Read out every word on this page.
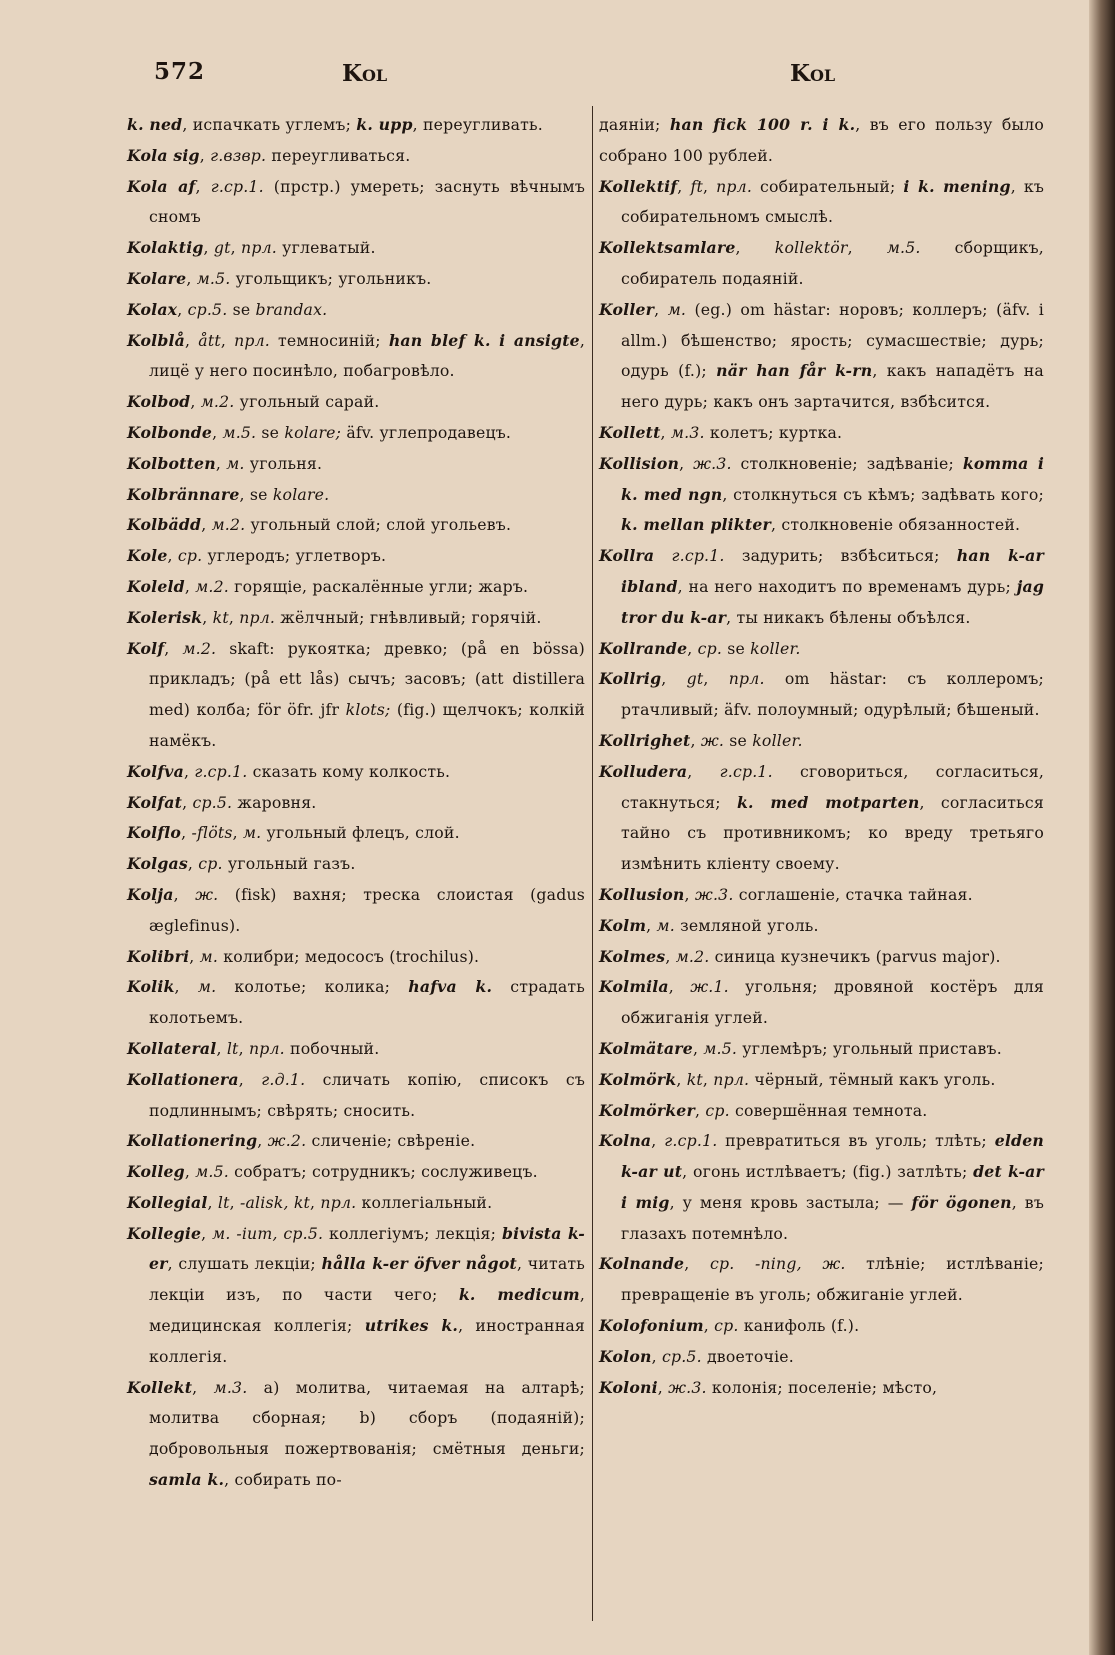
572	Kol	Kol
k. ned, испачкать углемъ; k. upp, переугливать.
Kola sig, г.взвр. переугливаться.
Kola af, г.ср.1. (прстр.) умереть; заснуть вѣчнымъ сномъ
Kolaktig, gt, прл. углеватый.
Kolare, м.5. угольщикъ; угольникъ.
Kolax, ср.5. se brandax.
Kolblå, ått, прл. темносиній; han blef k. i ansigte, лицё у него посинѣло, побагровѣло.
Kolbod, м.2. угольный сарай.
Kolbonde, м.5. se kolare; äfv. углепродавецъ.
Kolbotten, м. угольня.
Kolbrännare, se kolare.
Kolbädd, м.2. угольный слой; слой угольевъ.
Kole, ср. углеродъ; углетворъ.
Koleld, м.2. горящіе, раскалённые угли; жаръ.
Kolerisk, kt, прл. жёлчный; гнѣвливый; горячій.
Kolf, м.2. skaft: рукоятка; древко; (på en bössa) прикладъ; (på ett lås) сычъ; засовъ; (att distillera med) колба; för öfr. jfr klots; (fig.) щелчокъ; колкій намёкъ.
Kolfva, г.ср.1. сказать кому колкость.
Kolfat, ср.5. жаровня.
Kolflo, -flöts, м. угольный флецъ, слой.
Kolgas, ср. угольный газъ.
Kolja, ж. (fisk) вахня; треска слоистая (gadus æglefinus).
Kolibri, м. колибри; медососъ (trochilus).
Kolik, м. колотье; колика; hafva k. страдать колотьемъ.
Kollateral, lt, прл. побочный.
Kollationera, г.д.1. сличать копію, списокъ съ подлиннымъ; свѣрять; сносить.
Kollationering, ж.2. сличеніе; свѣреніе.
Kolleg, м.5. собратъ; сотрудникъ; сослуживецъ.
Kollegial, lt, -alisk, kt, прл. коллегіальный.
Kollegie, м. -ium, ср.5. коллегіумъ; лекція; bivista k-er, слушать лекціи; hålla k-er öfver något, читать лекціи изъ, по части чего; k. medicum, медицинская коллегія; utrikes k., иностранная коллегія.
Kollekt, м.3. a) молитва, читаемая на алтарѣ; молитва сборная; b) сборъ (подаяній); добровольныя пожертвованія; смётныя деньги; samla k., собирать по-
даяніи; han fick 100 r. i k., въ его пользу было собрано 100 рублей.
Kollektif, ft, прл. собирательный; i k. mening, къ собирательномъ смыслѣ.
Kollektsamlare, kollektör, м.5. сборщикъ, собиратель подаяній.
Koller, м. (eg.) om hästar: норовъ; коллеръ; (äfv. i allm.) бѣшенство; ярость; сумасшествіе; дурь; одурь (f.); när han får k-rn, какъ нападётъ на него дурь; какъ онъ зартачится, взбѣсится.
Kollett, м.3. колетъ; куртка.
Kollision, ж.3. столкновеніе; задѣваніе; komma i k. med ngn, столкнуться съ кѣмъ; задѣвать кого; k. mellan plikter, столкновеніе обязанностей.
Kollra г.ср.1. задурить; взбѣситься; han k-ar ibland, на него находитъ по временамъ дурь; jag tror du k-ar, ты никакъ бѣлены объѣлся.
Kollrande, ср. se koller.
Kollrig, gt, прл. om hästar: съ коллеромъ; ртачливый; äfv. полоумный; одурѣлый; бѣшеный.
Kollrighet, ж. se koller.
Kolludera, г.ср.1. сговориться, согласиться, стакнуться; k. med motparten, согласиться тайно съ противникомъ; ко вреду третьяго измѣнить кліенту своему.
Kollusion, ж.3. соглашеніе, стачка тайная.
Kolm, м. земляной уголь.
Kolmes, м.2. синица кузнечикъ (parvus major).
Kolmila, ж.1. угольня; дровяной костёръ для обжиганія углей.
Kolmätare, м.5. углемѣръ; угольный приставъ.
Kolmörk, kt, прл. чёрный, тёмный какъ уголь.
Kolmörker, ср. совершённая темнота.
Kolna, г.ср.1. превратиться въ уголь; тлѣть; elden k-ar ut, огонь истлѣваетъ; (fig.) затлѣть; det k-ar i mig, у меня кровь застыла; — för ögonen, въ глазахъ потемнѣло.
Kolnande, ср. -ning, ж. тлѣніе; истлѣваніе; превращеніе въ уголь; обжиганіе углей.
Kolofonium, ср. канифоль (f.).
Kolon, ср.5. двоеточіе.
Koloni, ж.3. колонія; поселеніе; мѣсто,
